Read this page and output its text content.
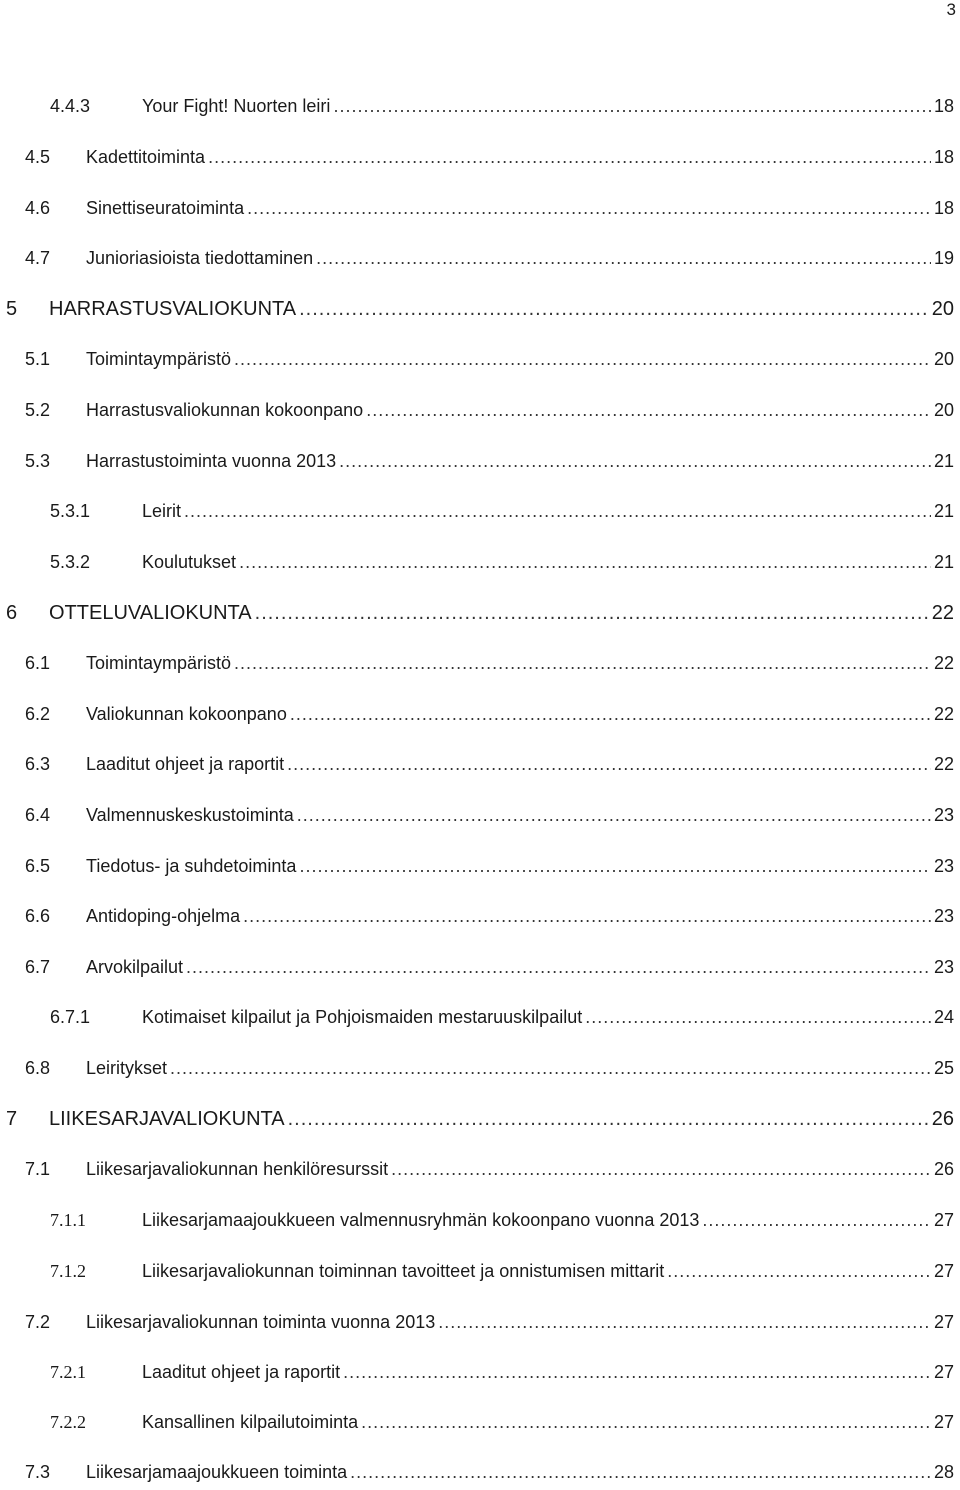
3
4.4.3	Your Fight! Nuorten leiri .....	18
4.5 Kadettitoiminta .....	18
4.6 Sinettiseuratoiminta .....	18
4.7 Junioriasioista tiedottaminen .....	19
5 HARRASTUSVALIOKUNTA .....	20
5.1 Toimintaympäristö .....	20
5.2 Harrastusvaliokunnan kokoonpano .....	20
5.3 Harrastustoiminta vuonna 2013 .....	21
5.3.1	Leirit .....	21
5.3.2	Koulutukset .....	21
6 OTTELUVALIOKUNTA .....	22
6.1 Toimintaympäristö .....	22
6.2 Valiokunnan kokoonpano .....	22
6.3 Laaditut ohjeet ja raportit .....	22
6.4 Valmennuskeskustoiminta .....	23
6.5 Tiedotus- ja suhdetoiminta .....	23
6.6 Antidoping-ohjelma .....	23
6.7 Arvokilpailut .....	23
6.7.1	Kotimaiset kilpailut ja Pohjoismaiden mestaruuskilpailut .....	24
6.8 Leiritykset .....	25
7 LIIKESARJAVALIOKUNTA .....	26
7.1 Liikesarjavaliokunnan henkilöresurssit .....	26
7.1.1	Liikesarjamaajoukkueen valmennusryhmän kokoonpano vuonna 2013 .....	27
7.1.2	Liikesarjavaliokunnan toiminnan tavoitteet ja onnistumisen mittarit .....	27
7.2 Liikesarjavaliokunnan toiminta vuonna 2013 .....	27
7.2.1	Laaditut ohjeet ja raportit .....	27
7.2.2	Kansallinen kilpailutoiminta .....	27
7.3 Liikesarjamaajoukkueen toiminta .....	28
